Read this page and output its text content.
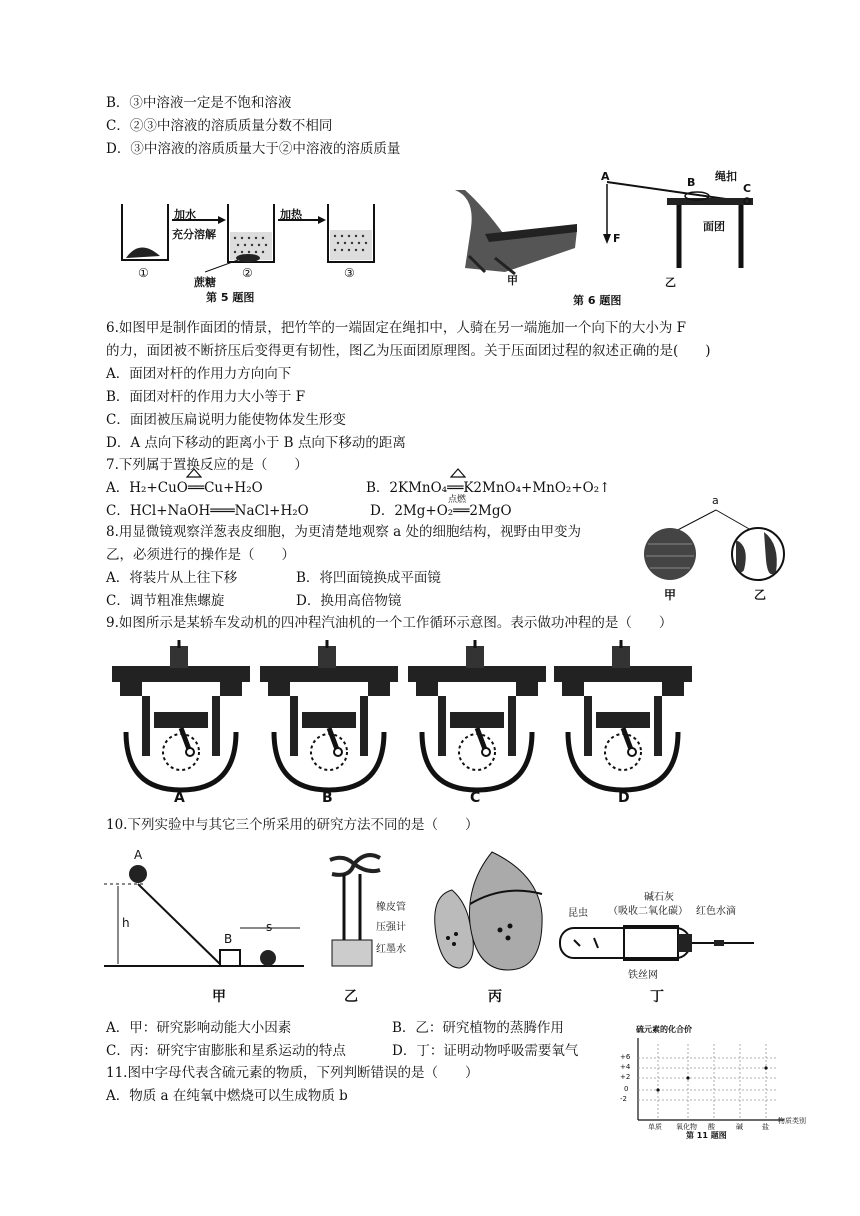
B．③中溶液一定是不饱和溶液
C．②③中溶液的溶质质量分数不相同
D．③中溶液的溶质质量大于②中溶液的溶质质量
加水
充分溶解
加热
①	②	③
蔗糖
第 5 题图
甲	乙
A	B	C
F
绳扣
面团
第 6 题图
6.如图甲是制作面团的情景，把竹竿的一端固定在绳扣中，人骑在另一端施加一个向下的大小为 F
的力，面团被不断挤压后变得更有韧性，图乙为压面团原理图。关于压面团过程的叙述正确的是(　　)
A．面团对杆的作用力方向向下
B．面团对杆的作用力大小等于 F
C．面团被压扁说明力能使物体发生形变
D．A 点向下移动的距离小于 B 点向下移动的距离
7.下列属于置换反应的是（　　）
A．H₂+CuO══Cu+H₂O	B．2KMnO₄══K2MnO₄+MnO₂+O₂↑
C．HCl+NaOH═══NaCl+H₂O	D．2Mg+O₂══2MgO
点燃
8.用显微镜观察洋葱表皮细胞，为更清楚地观察 a 处的细胞结构，视野由甲变为
乙，必须进行的操作是（　　）
A．将装片从上往下移	B．将凹面镜换成平面镜
C．调节粗准焦螺旋	D．换用高倍物镜
a
甲	乙
9.如图所示是某轿车发动机的四冲程汽油机的一个工作循环示意图。表示做功冲程的是（　　）
A	B	C	D
10.下列实验中与其它三个所采用的研究方法不同的是（　　）
A
h
B
s
橡皮管
压强计
红墨水
昆虫
碱石灰
（吸收二氧化碳） 红色水滴
铁丝网
甲	乙	丙	丁
A．甲：研究影响动能大小因素	B．乙：研究植物的蒸腾作用
C．丙：研究宇宙膨胀和星系运动的特点	D．丁：证明动物呼吸需要氧气
11.图中字母代表含硫元素的物质，下列判断错误的是（　　）
A．物质 a 在纯氧中燃烧可以生成物质 b
硫元素的化合价
+6
+4
+2
0
-2
单质 氧化物 酸	碱	盐
物质类别
第 11 题图
